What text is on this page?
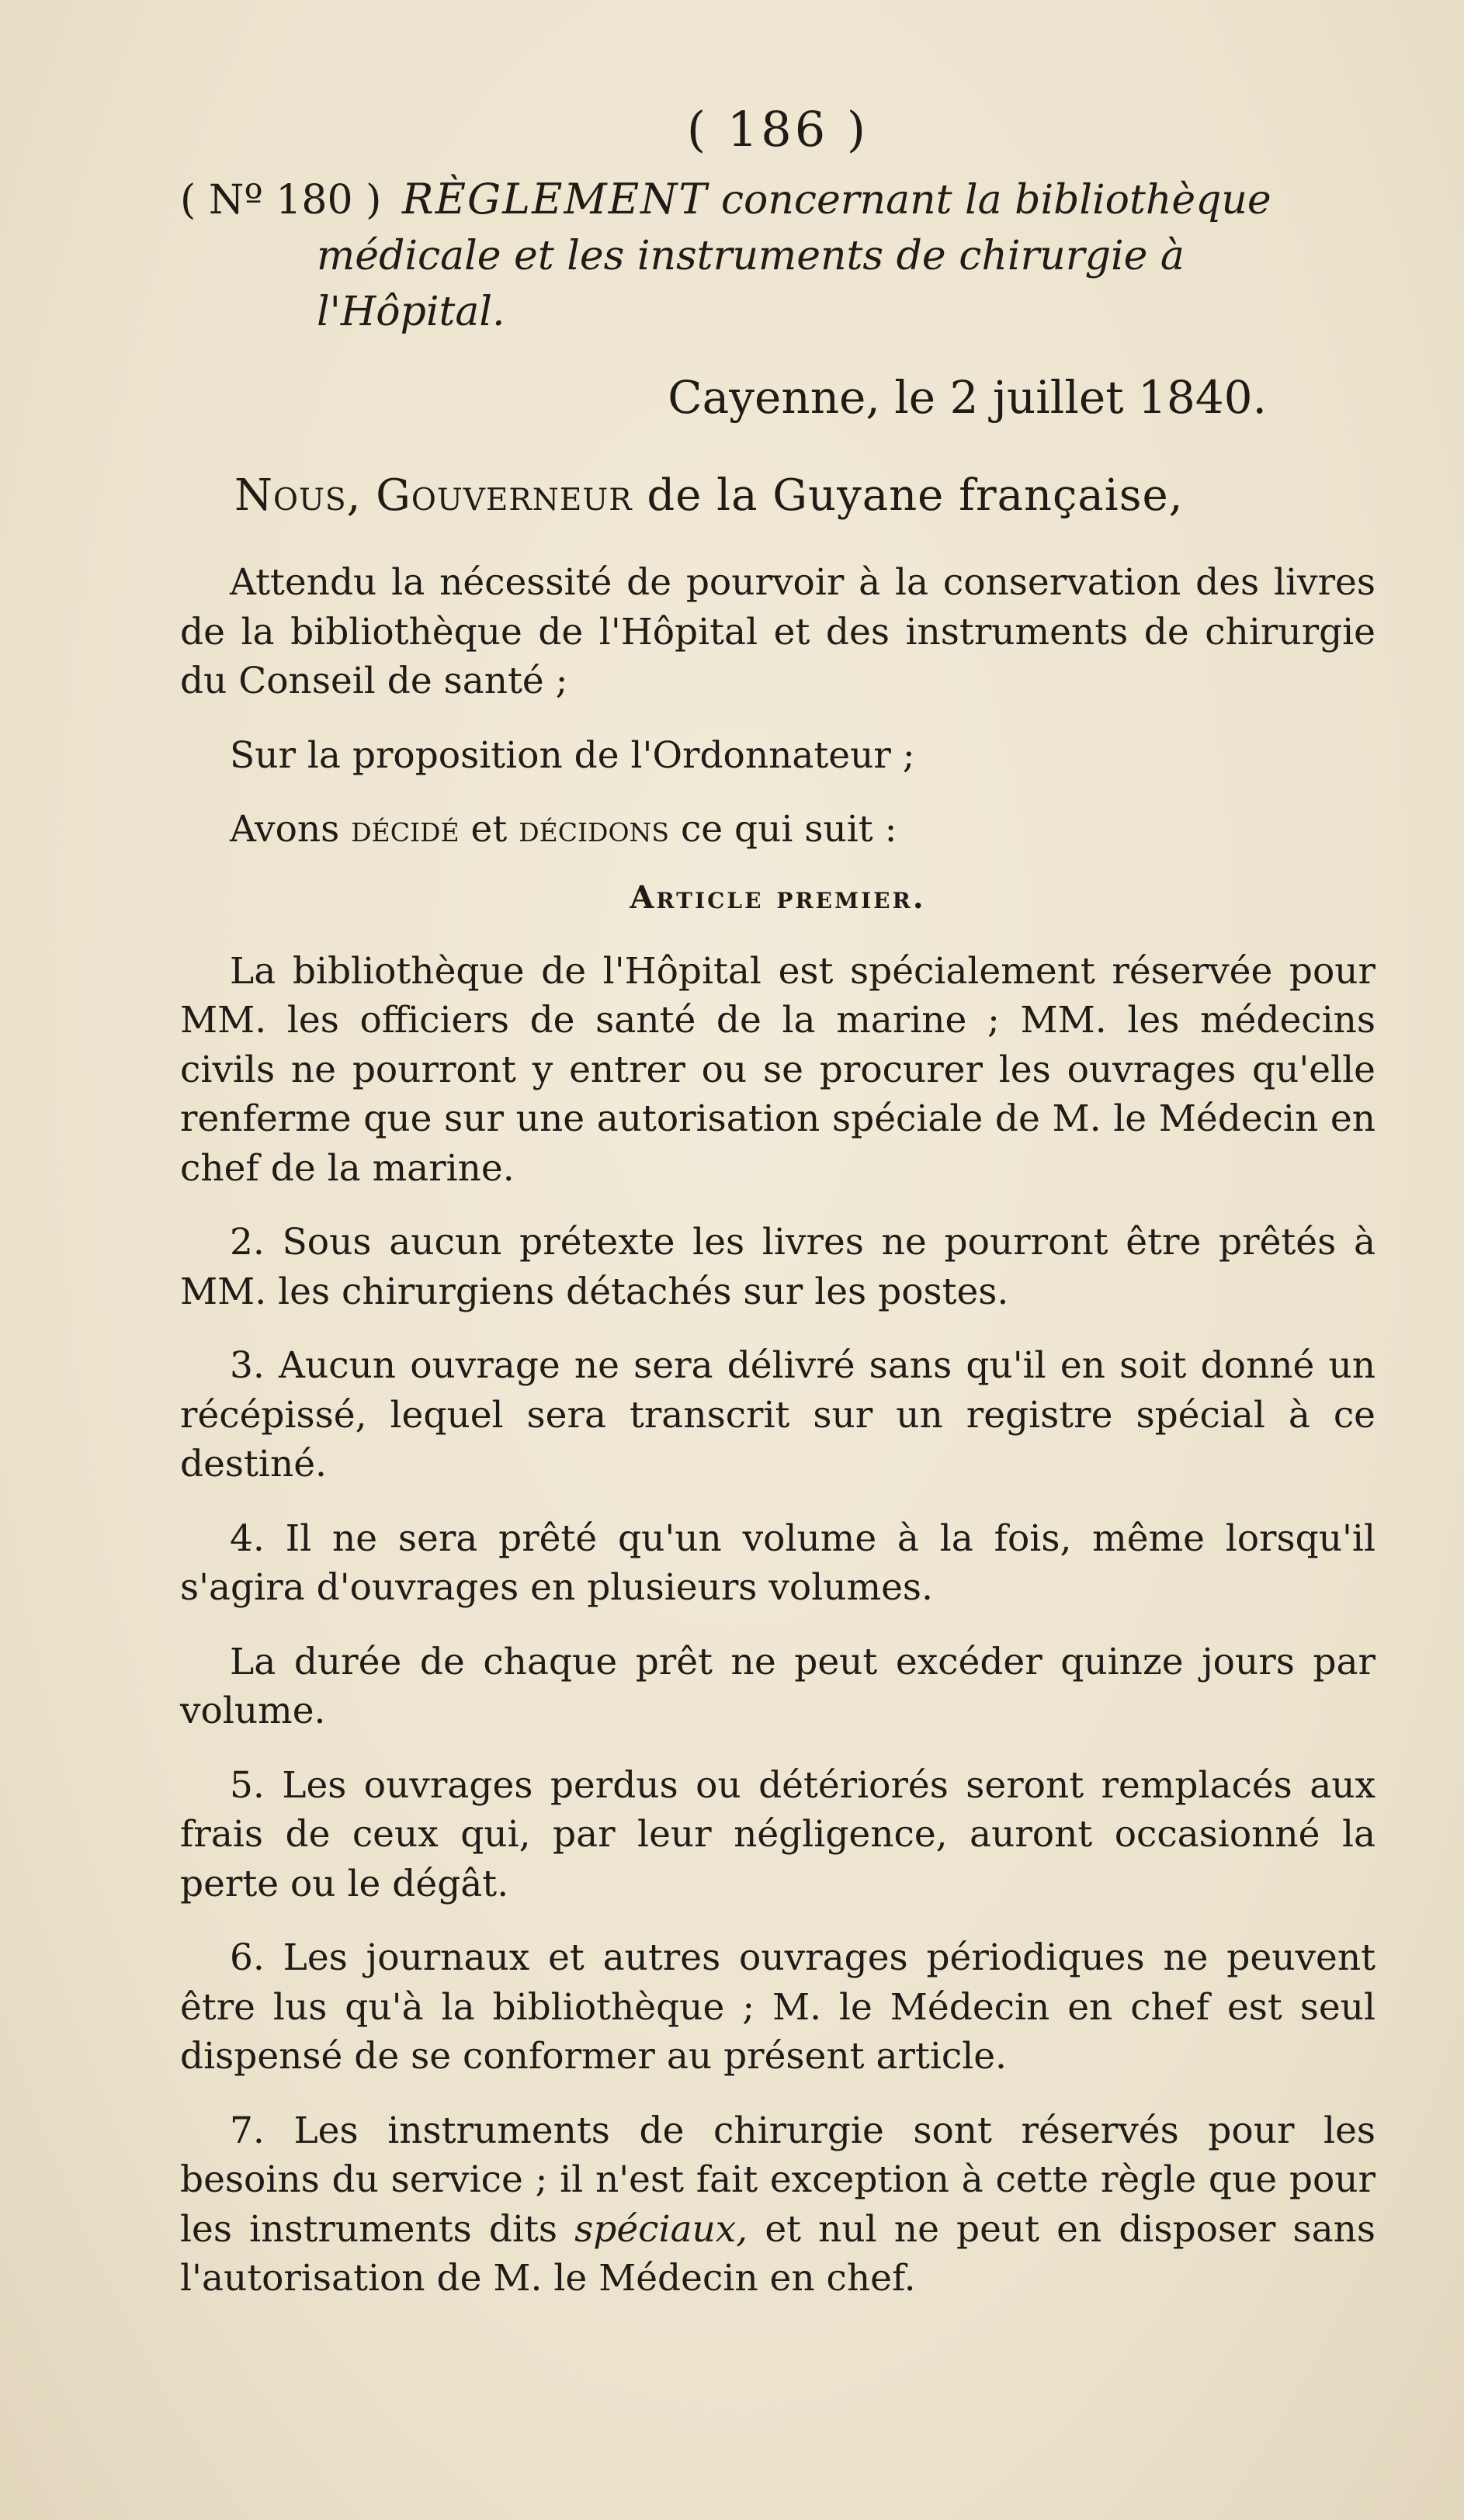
( 186 )
( Nº 180 ) RÈGLEMENT concernant la bibliothèque médicale et les instruments de chirurgie à l'Hôpital.
Cayenne, le 2 juillet 1840.
Nous, Gouverneur de la Guyane française,

Attendu la nécessité de pourvoir à la conservation des livres de la bibliothèque de l'Hôpital et des instruments de chirurgie du Conseil de santé ;

Sur la proposition de l'Ordonnateur ;

Avons décidé et décidons ce qui suit :

Article premier.

La bibliothèque de l'Hôpital est spécialement réservée pour MM. les officiers de santé de la marine ; MM. les médecins civils ne pourront y entrer ou se procurer les ouvrages qu'elle renferme que sur une autorisation spéciale de M. le Médecin en chef de la marine.

2. Sous aucun prétexte les livres ne pourront être prêtés à MM. les chirurgiens détachés sur les postes.

3. Aucun ouvrage ne sera délivré sans qu'il en soit donné un récépissé, lequel sera transcrit sur un registre spécial à ce destiné.

4. Il ne sera prêté qu'un volume à la fois, même lorsqu'il s'agira d'ouvrages en plusieurs volumes.

La durée de chaque prêt ne peut excéder quinze jours par volume.

5. Les ouvrages perdus ou détériorés seront remplacés aux frais de ceux qui, par leur négligence, auront occasionné la perte ou le dégât.

6. Les journaux et autres ouvrages périodiques ne peuvent être lus qu'à la bibliothèque ; M. le Médecin en chef est seul dispensé de se conformer au présent article.

7. Les instruments de chirurgie sont réservés pour les besoins du service ; il n'est fait exception à cette règle que pour les instruments dits spéciaux, et nul ne peut en disposer sans l'autorisation de M. le Médecin en chef.
